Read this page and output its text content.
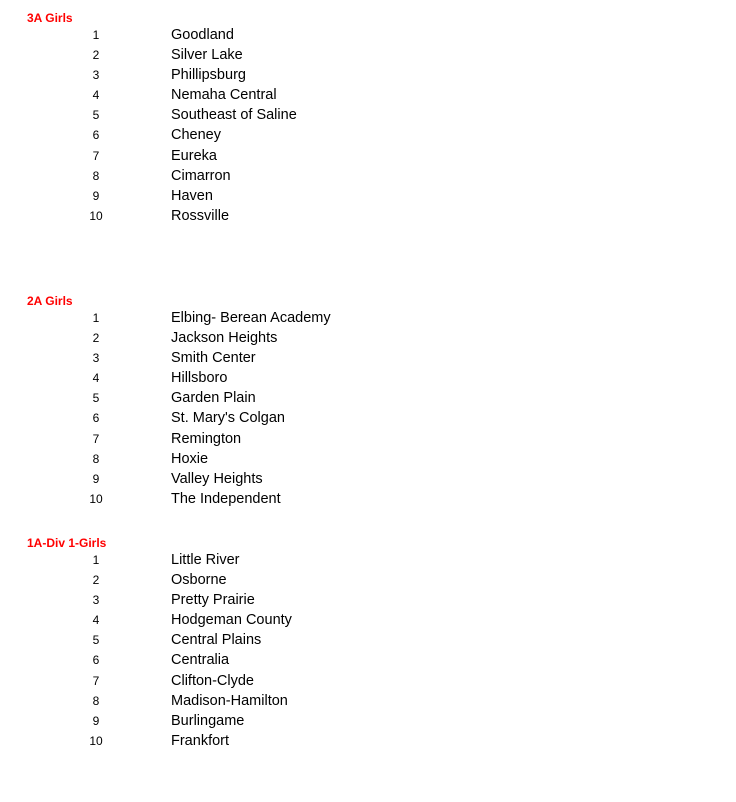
3A Girls
1	Goodland
2	Silver Lake
3	Phillipsburg
4	Nemaha Central
5	Southeast of Saline
6	Cheney
7	Eureka
8	Cimarron
9	Haven
10	Rossville
2A Girls
1	Elbing- Berean Academy
2	Jackson Heights
3	Smith Center
4	Hillsboro
5	Garden Plain
6	St. Mary's Colgan
7	Remington
8	Hoxie
9	Valley Heights
10	The Independent
1A-Div 1-Girls
1	Little River
2	Osborne
3	Pretty Prairie
4	Hodgeman County
5	Central Plains
6	Centralia
7	Clifton-Clyde
8	Madison-Hamilton
9	Burlingame
10	Frankfort
